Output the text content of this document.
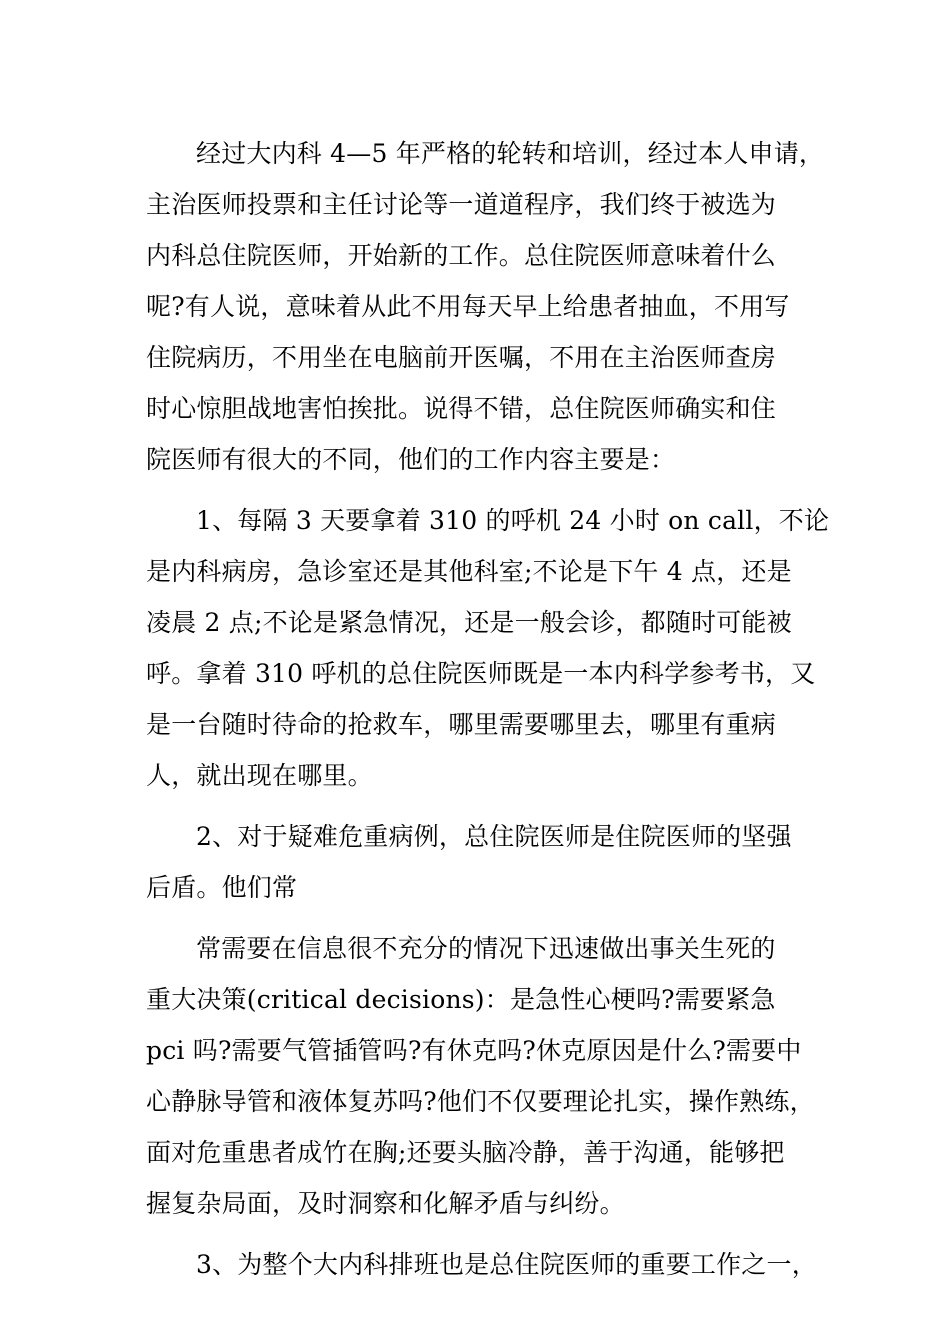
经过大内科 4—5 年严格的轮转和培训，经过本人申请，
主治医师投票和主任讨论等一道道程序，我们终于被选为
内科总住院医师，开始新的工作。总住院医师意味着什么
呢?有人说，意味着从此不用每天早上给患者抽血，不用写
住院病历，不用坐在电脑前开医嘱，不用在主治医师查房
时心惊胆战地害怕挨批。说得不错，总住院医师确实和住
院医师有很大的不同，他们的工作内容主要是：
1、每隔 3 天要拿着 310 的呼机 24 小时 on call，不论
是内科病房，急诊室还是其他科室;不论是下午 4 点，还是
凌晨 2 点;不论是紧急情况，还是一般会诊，都随时可能被
呼。拿着 310 呼机的总住院医师既是一本内科学参考书，又
是一台随时待命的抢救车，哪里需要哪里去，哪里有重病
人，就出现在哪里。
2、对于疑难危重病例，总住院医师是住院医师的坚强
后盾。他们常
常需要在信息很不充分的情况下迅速做出事关生死的
重大决策(critical decisions)：是急性心梗吗?需要紧急
pci 吗?需要气管插管吗?有休克吗?休克原因是什么?需要中
心静脉导管和液体复苏吗?他们不仅要理论扎实，操作熟练，
面对危重患者成竹在胸;还要头脑冷静，善于沟通，能够把
握复杂局面，及时洞察和化解矛盾与纠纷。
3、为整个大内科排班也是总住院医师的重要工作之一，
